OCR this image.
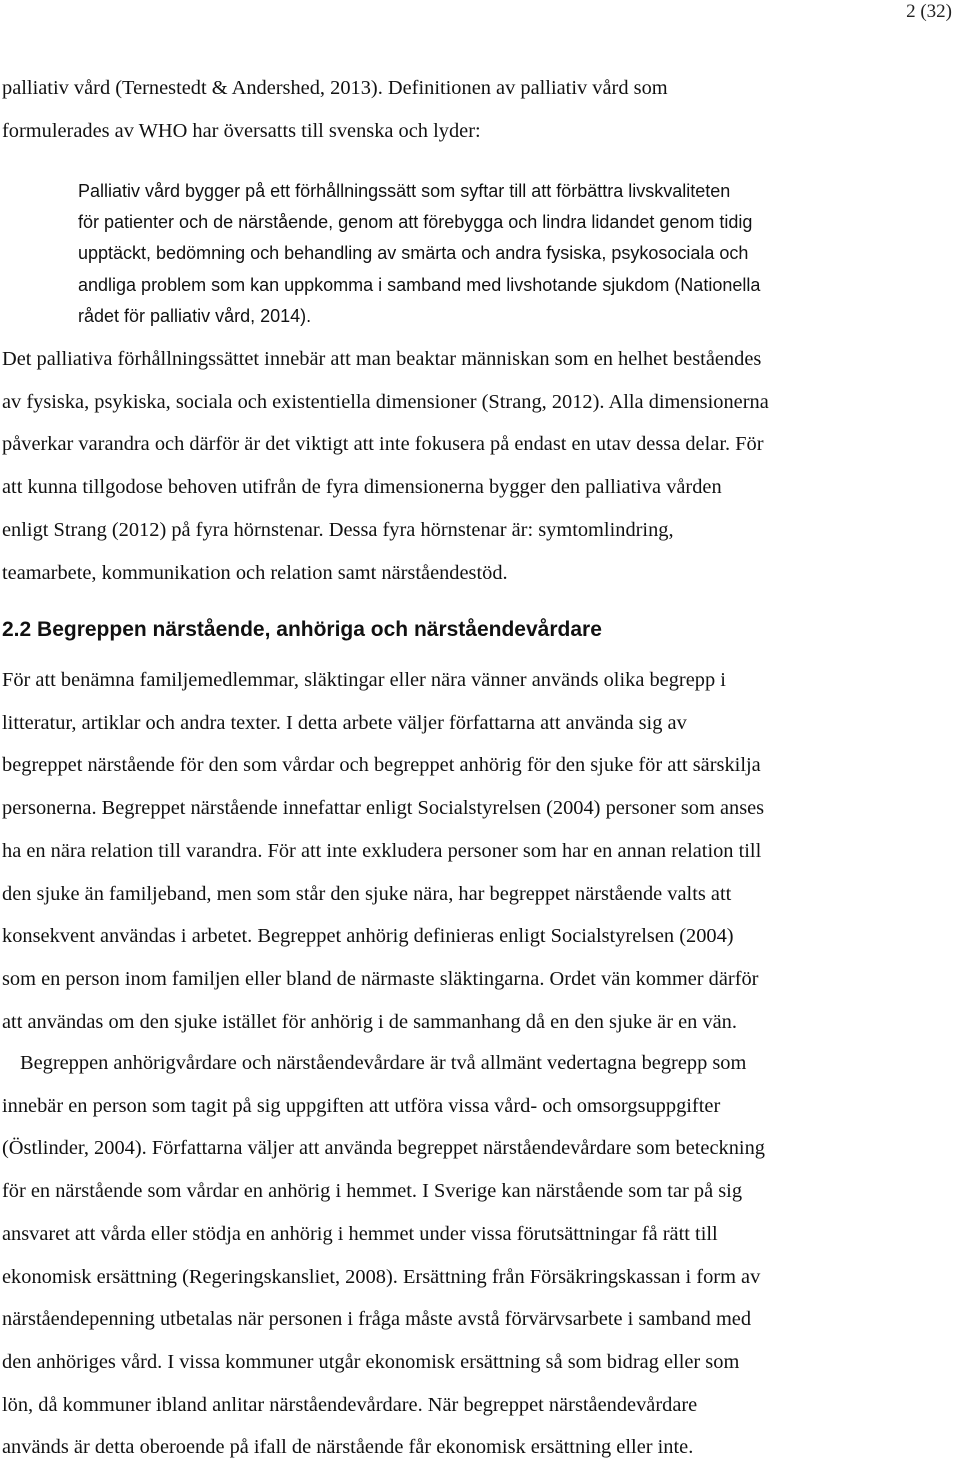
2 (32)

palliativ vård (Ternestedt & Andershed, 2013). Definitionen av palliativ vård som
formulerades av WHO har översatts till svenska och lyder:

Palliativ vård bygger på ett förhållningssätt som syftar till att förbättra livskvaliteten
för patienter och de närstående, genom att förebygga och lindra lidandet genom tidig
upptäckt, bedömning och behandling av smärta och andra fysiska, psykosociala och
andliga problem som kan uppkomma i samband med livshotande sjukdom (Nationella
rådet för palliativ vård, 2014).

Det palliativa förhållningssättet innebär att man beaktar människan som en helhet beståendes
av fysiska, psykiska, sociala och existentiella dimensioner (Strang, 2012). Alla dimensionerna
påverkar varandra och därför är det viktigt att inte fokusera på endast en utav dessa delar. För
att kunna tillgodose behoven utifrån de fyra dimensionerna bygger den palliativa vården
enligt Strang (2012) på fyra hörnstenar. Dessa fyra hörnstenar är: symtomlindring,
teamarbete, kommunikation och relation samt närståendestöd.

2.2 Begreppen närstående, anhöriga och närståendevårdare

För att benämna familjemedlemmar, släktingar eller nära vänner används olika begrepp i
litteratur, artiklar och andra texter. I detta arbete väljer författarna att använda sig av
begreppet närstående för den som vårdar och begreppet anhörig för den sjuke för att särskilja
personerna. Begreppet närstående innefattar enligt Socialstyrelsen (2004) personer som anses
ha en nära relation till varandra. För att inte exkludera personer som har en annan relation till
den sjuke än familjeband, men som står den sjuke nära, har begreppet närstående valts att
konsekvent användas i arbetet. Begreppet anhörig definieras enligt Socialstyrelsen (2004)
som en person inom familjen eller bland de närmaste släktingarna. Ordet vän kommer därför
att användas om den sjuke istället för anhörig i de sammanhang då en den sjuke är en vän.

Begreppen anhörigvårdare och närståendevårdare är två allmänt vedertagna begrepp som
innebär en person som tagit på sig uppgiften att utföra vissa vård- och omsorgsuppgifter
(Östlinder, 2004). Författarna väljer att använda begreppet närståendevårdare som beteckning
för en närstående som vårdar en anhörig i hemmet. I Sverige kan närstående som tar på sig
ansvaret att vårda eller stödja en anhörig i hemmet under vissa förutsättningar få rätt till
ekonomisk ersättning (Regeringskansliet, 2008). Ersättning från Försäkringskassan i form av
närståendepenning utbetalas när personen i fråga måste avstå förvärvsarbete i samband med
den anhöriges vård. I vissa kommuner utgår ekonomisk ersättning så som bidrag eller som
lön, då kommuner ibland anlitar närståendevårdare. När begreppet närståendevårdare
används är detta oberoende på ifall de närstående får ekonomisk ersättning eller inte.
